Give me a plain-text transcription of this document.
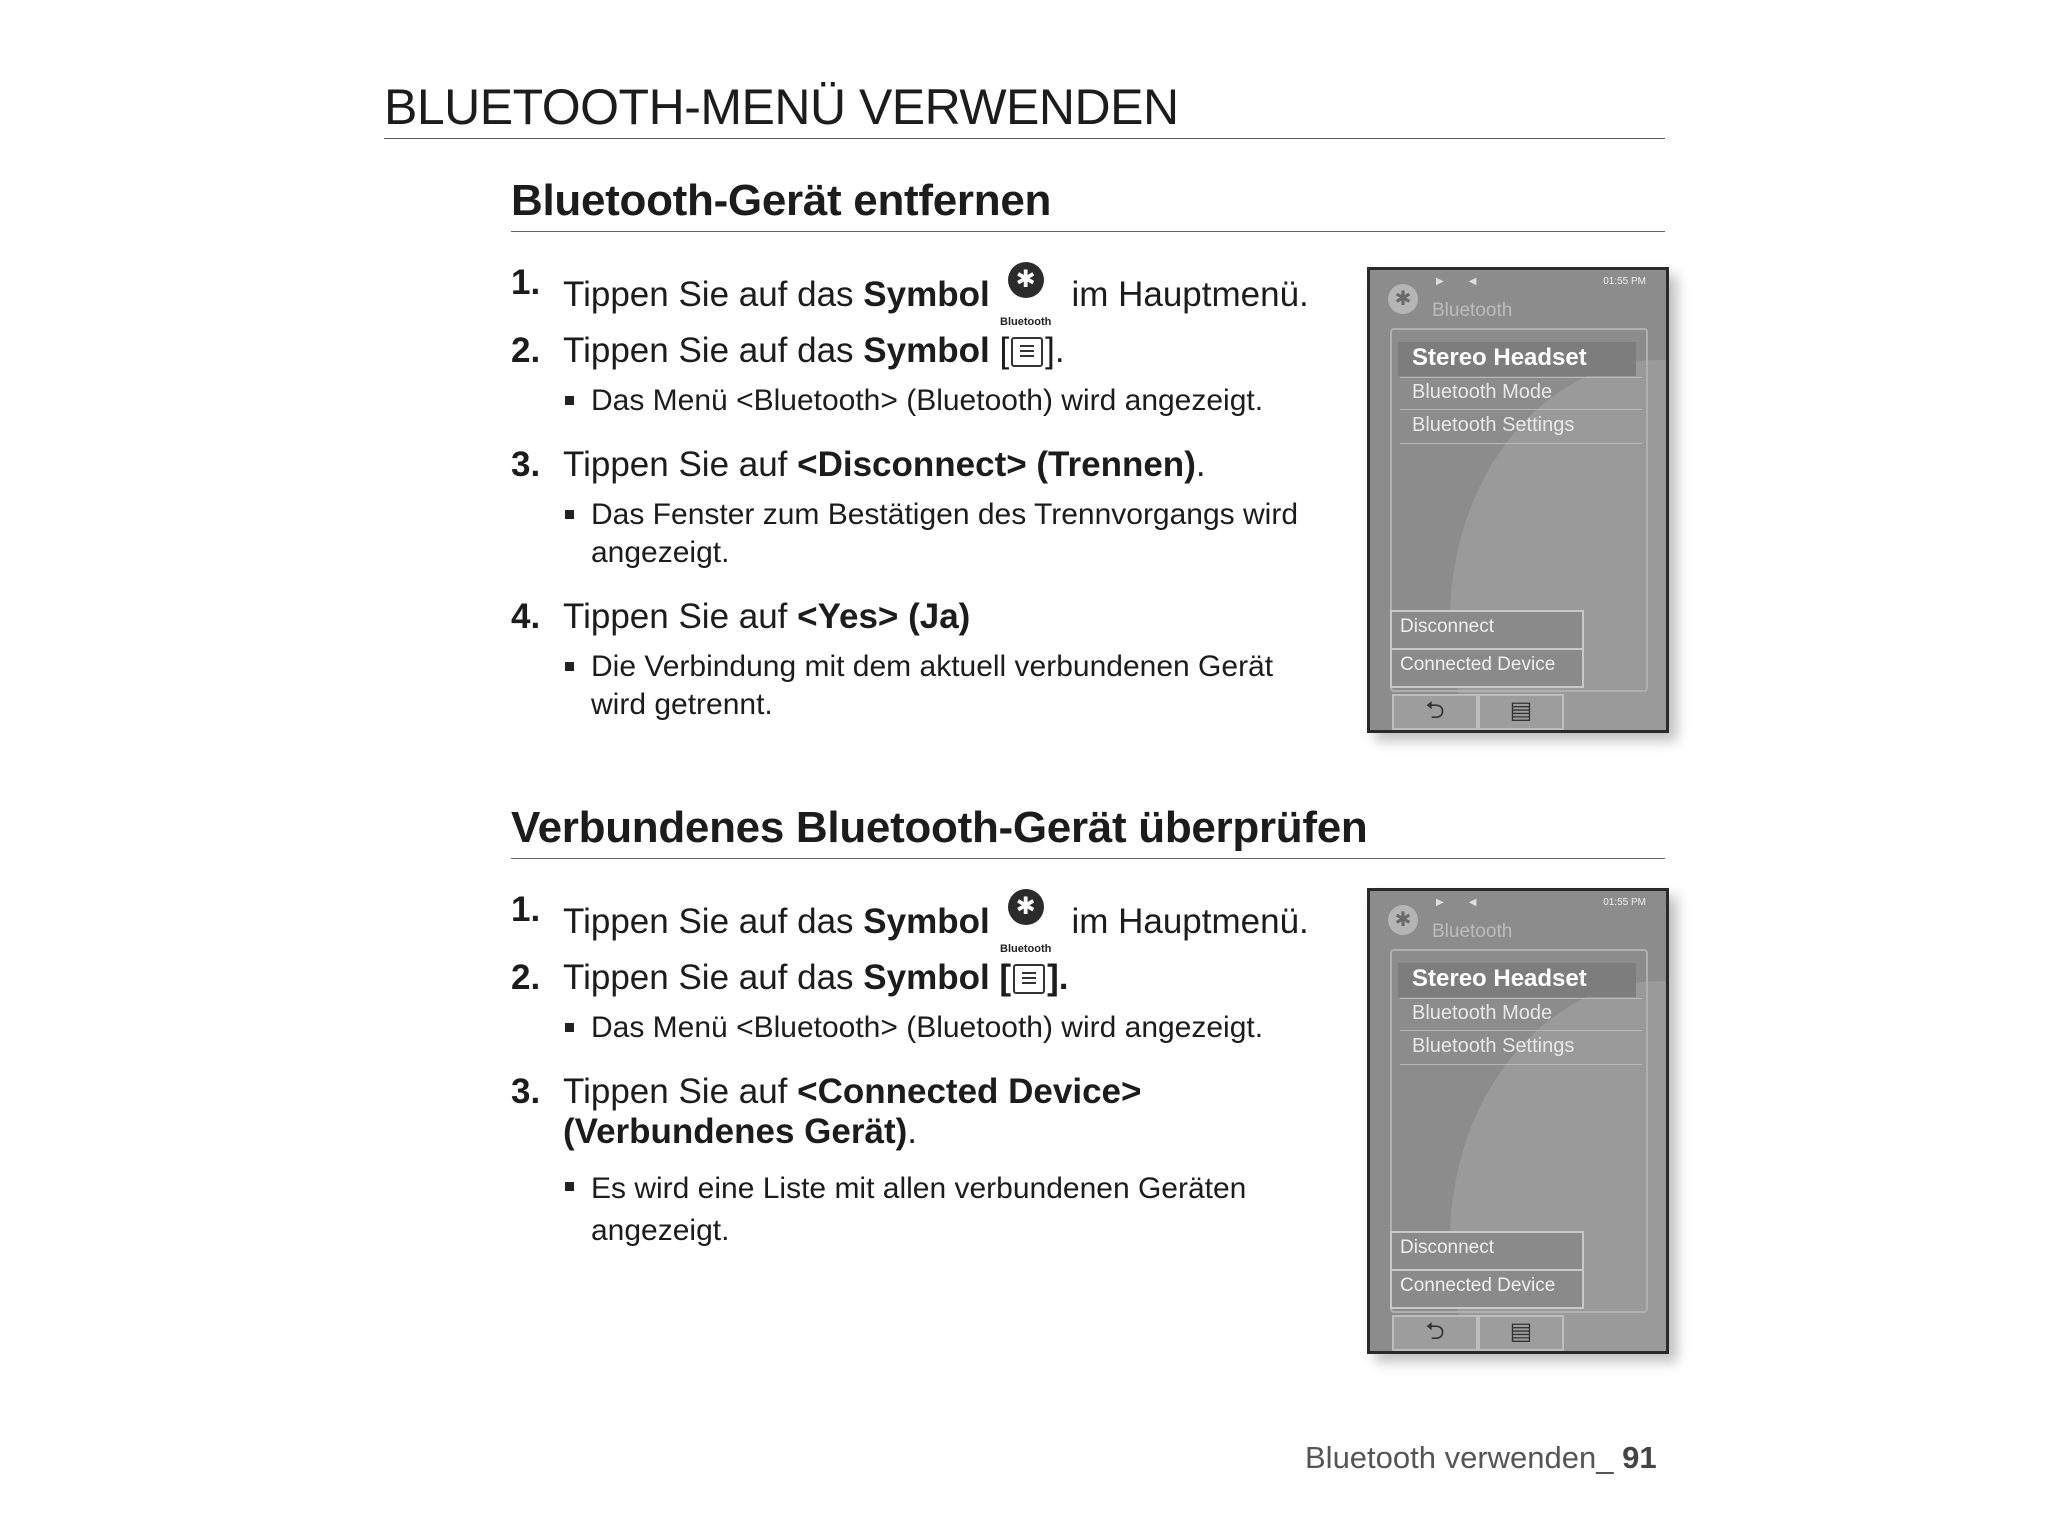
BLUETOOTH-MENÜ VERWENDEN
Bluetooth-Gerät entfernen
1. Tippen Sie auf das Symbol	✱
Bluetooth
im Hauptmenü.
2. Tippen Sie auf das Symbol [ ].
Das Menü <Bluetooth> (Bluetooth) wird angezeigt.
3. Tippen Sie auf <Disconnect> (Trennen).
Das Fenster zum Bestätigen des Trennvorgangs wird angezeigt.
4. Tippen Sie auf <Yes> (Ja)
Die Verbindung mit dem aktuell verbundenen Gerät wird getrennt.
▶         ◀	01:55 PM
✱
Bluetooth
Stereo Headset
Bluetooth Mode
Bluetooth Settings
Disconnect
Connected Device
⮌	▤
Verbundenes Bluetooth-Gerät überprüfen
1. Tippen Sie auf das Symbol	✱
Bluetooth
im Hauptmenü.
2. Tippen Sie auf das Symbol [ ].
Das Menü <Bluetooth> (Bluetooth) wird angezeigt.
3. Tippen Sie auf <Connected Device>
(Verbundenes Gerät).
Es wird eine Liste mit allen verbundenen Geräten angezeigt.
▶         ◀	01:55 PM
✱
Bluetooth
Stereo Headset
Bluetooth Mode
Bluetooth Settings
Disconnect
Connected Device
⮌	▤
Bluetooth verwenden_ 91
